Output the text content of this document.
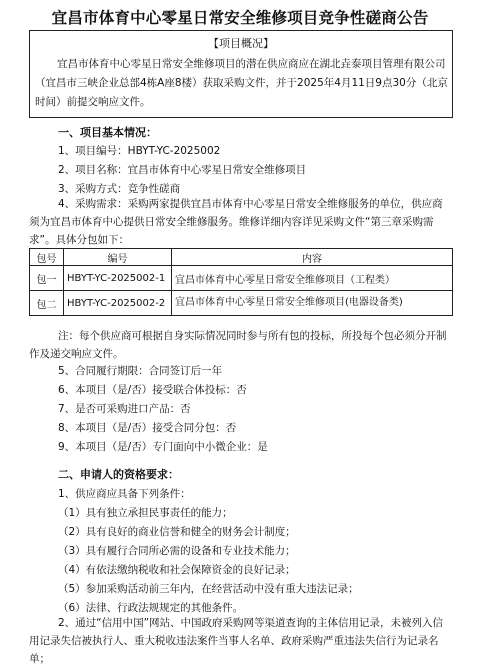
宜昌市体育中心零星日常安全维修项目竞争性磋商公告
【项目概况】
宜昌市体育中心零星日常安全维修项目的潜在供应商应在湖北垚泰项目管理有限公司（宜昌市三峡企业总部4栋A座8楼）获取采购文件，并于2025年4月11日9点30分（北京时间）前提交响应文件。
一、项目基本情况：
1、项目编号：HBYT-YC-2025002
2、项目名称：宜昌市体育中心零星日常安全维修项目
3、采购方式：竞争性磋商
4、采购需求：采购两家提供宜昌市体育中心零星日常安全维修服务的单位，供应商须为宜昌市体育中心提供日常安全维修服务。维修详细内容详见采购文件“第三章采购需求”。具体分包如下：
包号	编号	内容
包一	HBYT-YC-2025002-1	宜昌市体育中心零星日常安全维修项目（工程类）
包二	HBYT-YC-2025002-2	宜昌市体育中心零星日常安全维修项目(电器设备类)
注：每个供应商可根据自身实际情况同时参与所有包的投标，所投每个包必须分开制作及递交响应文件。
5、合同履行期限：合同签订后一年
6、本项目（是/否）接受联合体投标：否
7、是否可采购进口产品：否
8、本项目（是/否）接受合同分包：否
9、本项目（是/否）专门面向中小微企业：是
二、申请人的资格要求：
1、供应商应具备下列条件：
（1）具有独立承担民事责任的能力；
（2）具有良好的商业信誉和健全的财务会计制度；
（3）具有履行合同所必需的设备和专业技术能力；
（4）有依法缴纳税收和社会保障资金的良好记录；
（5）参加采购活动前三年内，在经营活动中没有重大违法记录；
（6）法律、行政法规规定的其他条件。
2、通过“信用中国”网站、中国政府采购网等渠道查询的主体信用记录，未被列入信用记录失信被执行人、重大税收违法案件当事人名单、政府采购严重违法失信行为记录名单；
